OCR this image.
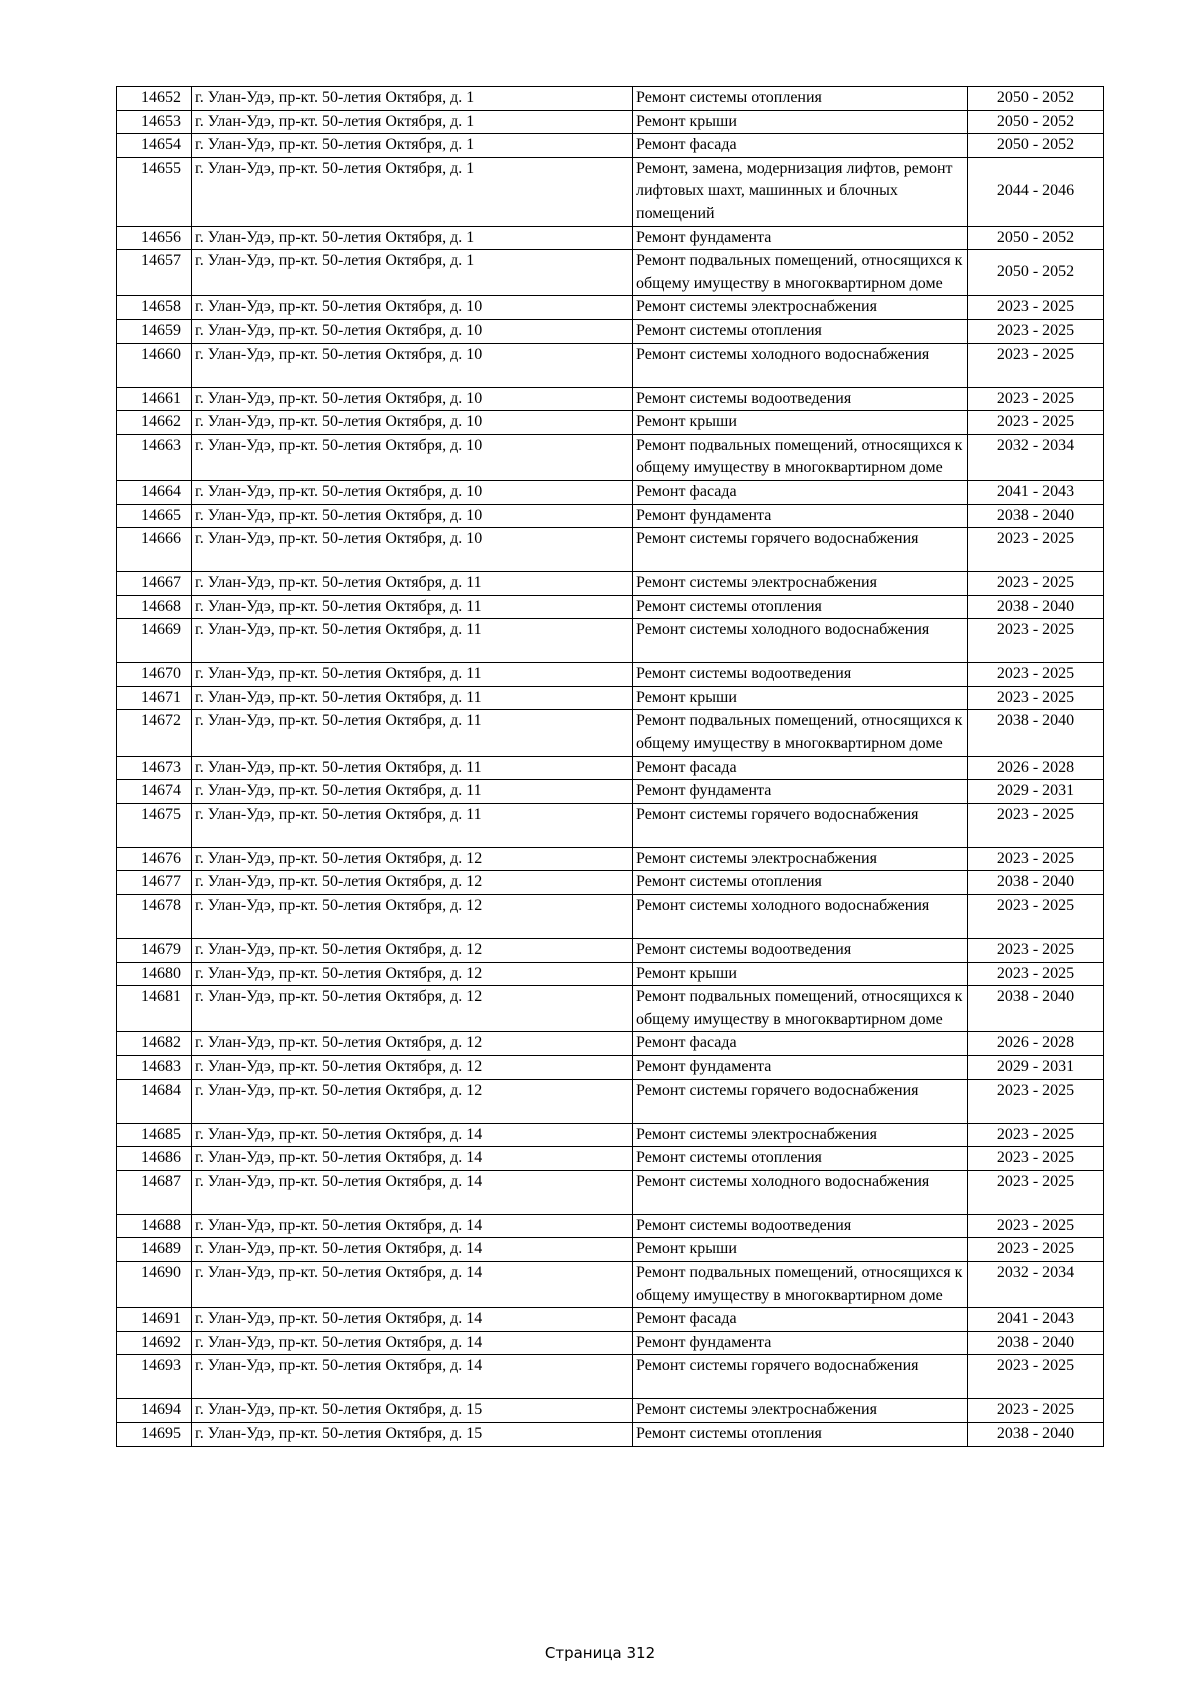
14652	г. Улан-Удэ, пр-кт. 50-летия Октября, д. 1	Ремонт системы отопления	2050 - 2052
14653	г. Улан-Удэ, пр-кт. 50-летия Октября, д. 1	Ремонт крыши	2050 - 2052
14654	г. Улан-Удэ, пр-кт. 50-летия Октября, д. 1	Ремонт фасада	2050 - 2052
14655	г. Улан-Удэ, пр-кт. 50-летия Октября, д. 1	Ремонт, замена, модернизация лифтов, ремонт лифтовых шахт, машинных и блочных помещений	2044 - 2046
14656	г. Улан-Удэ, пр-кт. 50-летия Октября, д. 1	Ремонт фундамента	2050 - 2052
14657	г. Улан-Удэ, пр-кт. 50-летия Октября, д. 1	Ремонт подвальных помещений, относящихся к общему имуществу в многоквартирном доме	2050 - 2052
14658	г. Улан-Удэ, пр-кт. 50-летия Октября, д. 10	Ремонт системы электроснабжения	2023 - 2025
14659	г. Улан-Удэ, пр-кт. 50-летия Октября, д. 10	Ремонт системы отопления	2023 - 2025
14660	г. Улан-Удэ, пр-кт. 50-летия Октября, д. 10	Ремонт системы холодного водоснабжения	2023 - 2025
14661	г. Улан-Удэ, пр-кт. 50-летия Октября, д. 10	Ремонт системы водоотведения	2023 - 2025
14662	г. Улан-Удэ, пр-кт. 50-летия Октября, д. 10	Ремонт крыши	2023 - 2025
14663	г. Улан-Удэ, пр-кт. 50-летия Октября, д. 10	Ремонт подвальных помещений, относящихся к общему имуществу в многоквартирном доме	2032 - 2034
14664	г. Улан-Удэ, пр-кт. 50-летия Октября, д. 10	Ремонт фасада	2041 - 2043
14665	г. Улан-Удэ, пр-кт. 50-летия Октября, д. 10	Ремонт фундамента	2038 - 2040
14666	г. Улан-Удэ, пр-кт. 50-летия Октября, д. 10	Ремонт системы горячего водоснабжения	2023 - 2025
14667	г. Улан-Удэ, пр-кт. 50-летия Октября, д. 11	Ремонт системы электроснабжения	2023 - 2025
14668	г. Улан-Удэ, пр-кт. 50-летия Октября, д. 11	Ремонт системы отопления	2038 - 2040
14669	г. Улан-Удэ, пр-кт. 50-летия Октября, д. 11	Ремонт системы холодного водоснабжения	2023 - 2025
14670	г. Улан-Удэ, пр-кт. 50-летия Октября, д. 11	Ремонт системы водоотведения	2023 - 2025
14671	г. Улан-Удэ, пр-кт. 50-летия Октября, д. 11	Ремонт крыши	2023 - 2025
14672	г. Улан-Удэ, пр-кт. 50-летия Октября, д. 11	Ремонт подвальных помещений, относящихся к общему имуществу в многоквартирном доме	2038 - 2040
14673	г. Улан-Удэ, пр-кт. 50-летия Октября, д. 11	Ремонт фасада	2026 - 2028
14674	г. Улан-Удэ, пр-кт. 50-летия Октября, д. 11	Ремонт фундамента	2029 - 2031
14675	г. Улан-Удэ, пр-кт. 50-летия Октября, д. 11	Ремонт системы горячего водоснабжения	2023 - 2025
14676	г. Улан-Удэ, пр-кт. 50-летия Октября, д. 12	Ремонт системы электроснабжения	2023 - 2025
14677	г. Улан-Удэ, пр-кт. 50-летия Октября, д. 12	Ремонт системы отопления	2038 - 2040
14678	г. Улан-Удэ, пр-кт. 50-летия Октября, д. 12	Ремонт системы холодного водоснабжения	2023 - 2025
14679	г. Улан-Удэ, пр-кт. 50-летия Октября, д. 12	Ремонт системы водоотведения	2023 - 2025
14680	г. Улан-Удэ, пр-кт. 50-летия Октября, д. 12	Ремонт крыши	2023 - 2025
14681	г. Улан-Удэ, пр-кт. 50-летия Октября, д. 12	Ремонт подвальных помещений, относящихся к общему имуществу в многоквартирном доме	2038 - 2040
14682	г. Улан-Удэ, пр-кт. 50-летия Октября, д. 12	Ремонт фасада	2026 - 2028
14683	г. Улан-Удэ, пр-кт. 50-летия Октября, д. 12	Ремонт фундамента	2029 - 2031
14684	г. Улан-Удэ, пр-кт. 50-летия Октября, д. 12	Ремонт системы горячего водоснабжения	2023 - 2025
14685	г. Улан-Удэ, пр-кт. 50-летия Октября, д. 14	Ремонт системы электроснабжения	2023 - 2025
14686	г. Улан-Удэ, пр-кт. 50-летия Октября, д. 14	Ремонт системы отопления	2023 - 2025
14687	г. Улан-Удэ, пр-кт. 50-летия Октября, д. 14	Ремонт системы холодного водоснабжения	2023 - 2025
14688	г. Улан-Удэ, пр-кт. 50-летия Октября, д. 14	Ремонт системы водоотведения	2023 - 2025
14689	г. Улан-Удэ, пр-кт. 50-летия Октября, д. 14	Ремонт крыши	2023 - 2025
14690	г. Улан-Удэ, пр-кт. 50-летия Октября, д. 14	Ремонт подвальных помещений, относящихся к общему имуществу в многоквартирном доме	2032 - 2034
14691	г. Улан-Удэ, пр-кт. 50-летия Октября, д. 14	Ремонт фасада	2041 - 2043
14692	г. Улан-Удэ, пр-кт. 50-летия Октября, д. 14	Ремонт фундамента	2038 - 2040
14693	г. Улан-Удэ, пр-кт. 50-летия Октября, д. 14	Ремонт системы горячего водоснабжения	2023 - 2025
14694	г. Улан-Удэ, пр-кт. 50-летия Октября, д. 15	Ремонт системы электроснабжения	2023 - 2025
14695	г. Улан-Удэ, пр-кт. 50-летия Октября, д. 15	Ремонт системы отопления	2038 - 2040
Страница 312
